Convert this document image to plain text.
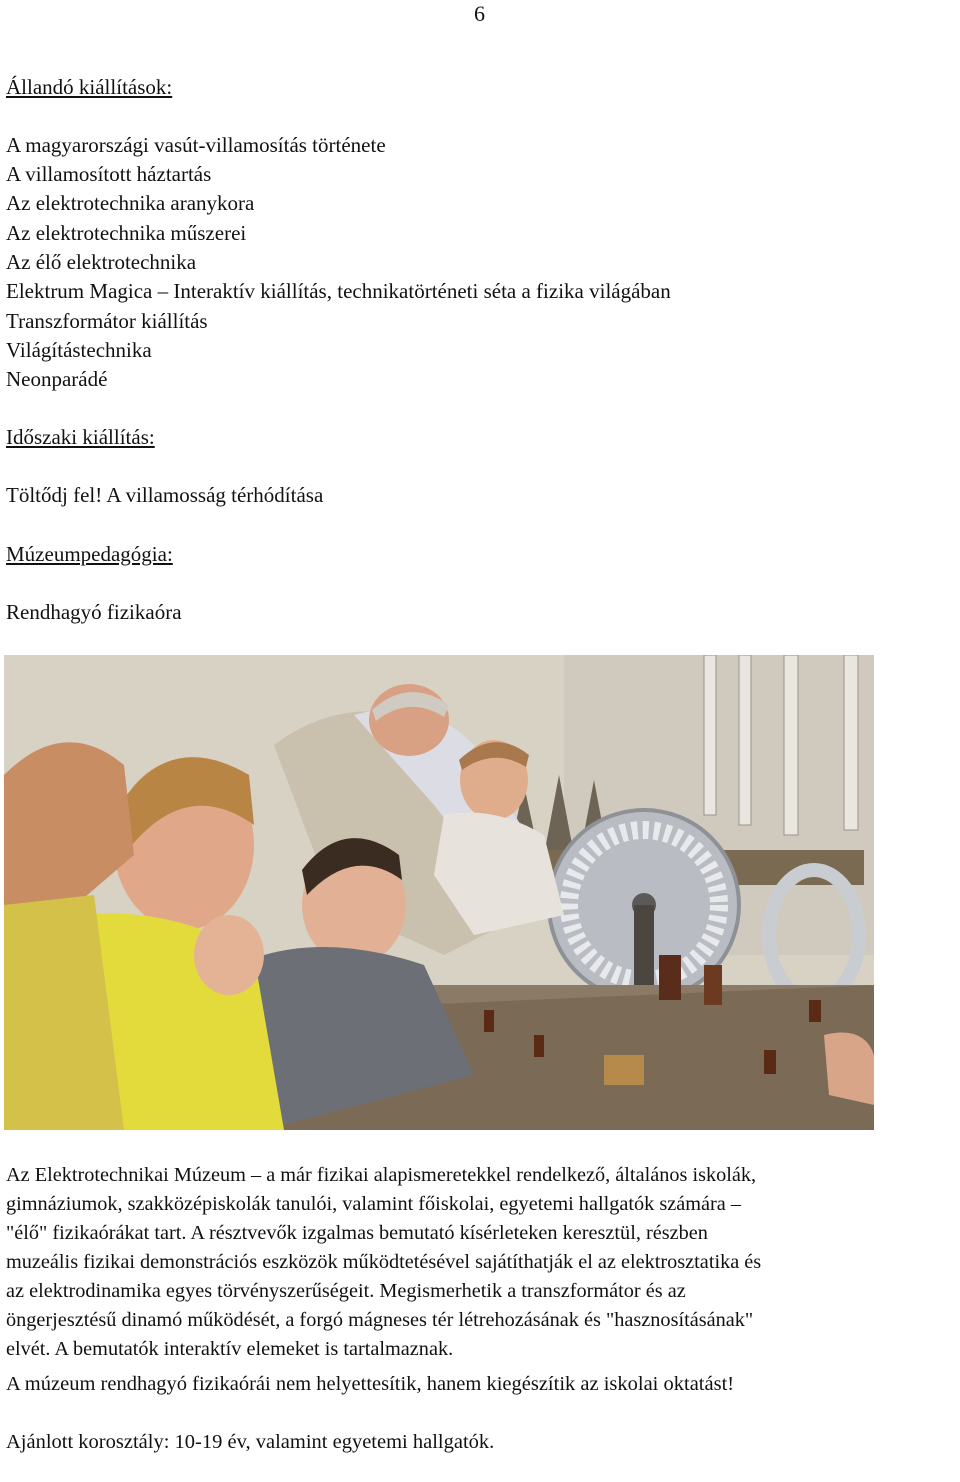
6
Állandó kiállítások:
A magyarországi vasút-villamosítás története
A villamosított háztartás
Az elektrotechnika aranykora
Az elektrotechnika műszerei
Az élő elektrotechnika
Elektrum Magica – Interaktív kiállítás, technikatörténeti séta a fizika világában
Transzformátor kiállítás
Világítástechnika
Neonparádé
Időszaki kiállítás:
Töltődj fel! A villamosság térhódítása
Múzeumpedagógia:
Rendhagyó fizikaóra
Az Elektrotechnikai Múzeum – a már fizikai alapismeretekkel rendelkező, általános iskolák,
gimnáziumok, szakközépiskolák tanulói, valamint főiskolai, egyetemi hallgatók számára –
"élő" fizikaórákat tart. A résztvevők izgalmas bemutató kísérleteken keresztül, részben
muzeális fizikai demonstrációs eszközök működtetésével sajátíthatják el az elektrosztatika és
az elektrodinamika egyes törvényszerűségeit. Megismerhetik a transzformátor és az
öngerjesztésű dinamó működését, a forgó mágneses tér létrehozásának és "hasznosításának"
elvét. A bemutatók interaktív elemeket is tartalmaznak.
A múzeum rendhagyó fizikaórái nem helyettesítik, hanem kiegészítik az iskolai oktatást!
Ajánlott korosztály: 10-19 év, valamint egyetemi hallgatók.
